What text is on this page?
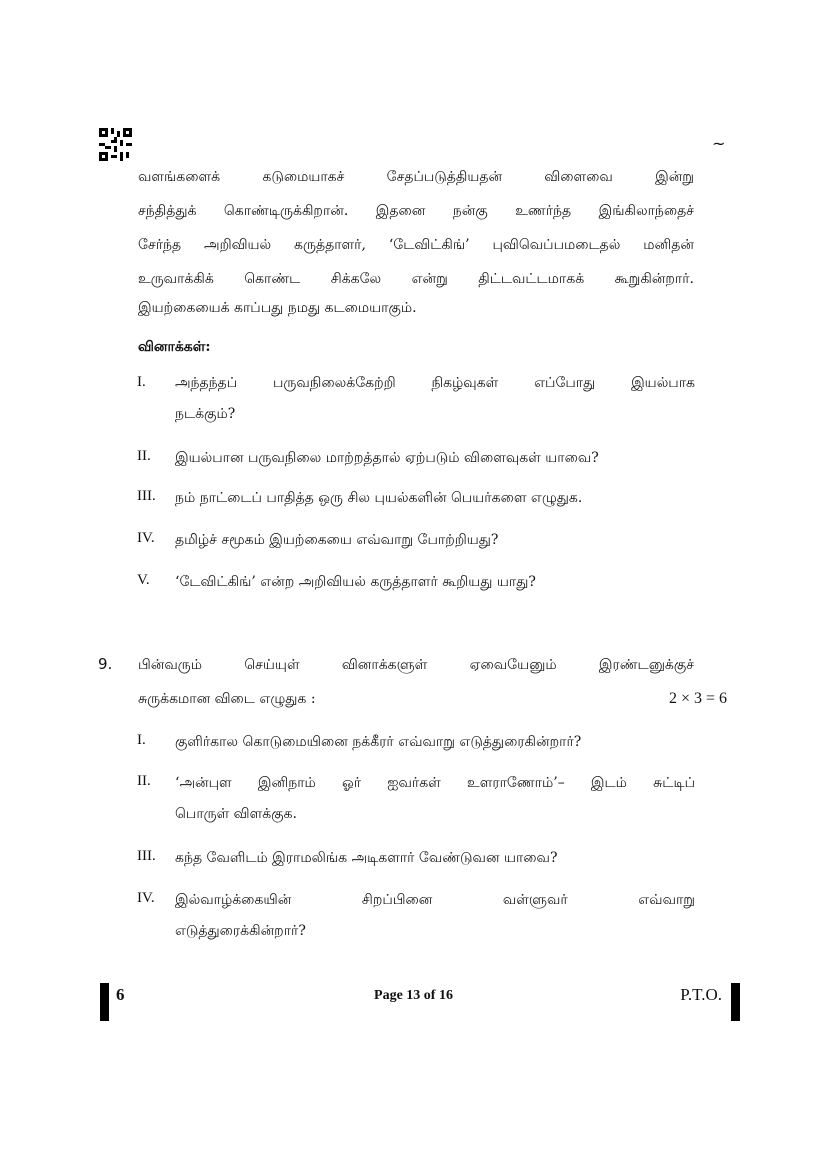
~
வளங்களைக் கடுமையாகச் சேதப்படுத்தியதன் விளைவை இன்று
சந்தித்துக் கொண்டிருக்கிறான். இதனை நன்கு உணர்ந்த இங்கிலாந்தைச்
சேர்ந்த அறிவியல் கருத்தாளர், ‘டேவிட்கிங்’ புவிவெப்பமடைதல் மனிதன்
உருவாக்கிக் கொண்ட சிக்கலே என்று திட்டவட்டமாகக் கூறுகின்றார்.
இயற்கையைக் காப்பது நமது கடமையாகும்.
வினாக்கள்:
I. அந்தந்தப் பருவநிலைக்கேற்றி நிகழ்வுகள் எப்போது இயல்பாக
நடக்கும்?
II. இயல்பான பருவநிலை மாற்றத்தால் ஏற்படும் விளைவுகள் யாவை?
III. நம் நாட்டைப் பாதித்த ஒரு சில புயல்களின் பெயர்களை எழுதுக.
IV. தமிழ்ச் சமூகம் இயற்கையை எவ்வாறு போற்றியது?
V. ‘டேவிட்கிங்’ என்ற அறிவியல் கருத்தாளர் கூறியது யாது?
9. பின்வரும் செய்யுள் வினாக்களுள் ஏவையேனும் இரண்டனுக்குச்
சுருக்கமான விடை எழுதுக :	2 × 3 = 6
I. குளிர்கால கொடுமையினை நக்கீரர் எவ்வாறு எடுத்துரைகின்றார்?
II. ‘அன்புள இனிநாம் ஓர் ஐவர்கள் உளராணோம்’– இடம் சுட்டிப்
பொருள் விளக்குக.
III. கந்த வேளிடம் இராமலிங்க அடிகளார் வேண்டுவன யாவை?
IV. இல்வாழ்க்கையின் சிறப்பினை வள்ளுவர் எவ்வாறு
எடுத்துரைக்கின்றார்?
6	Page 13 of 16	P.T.O.
